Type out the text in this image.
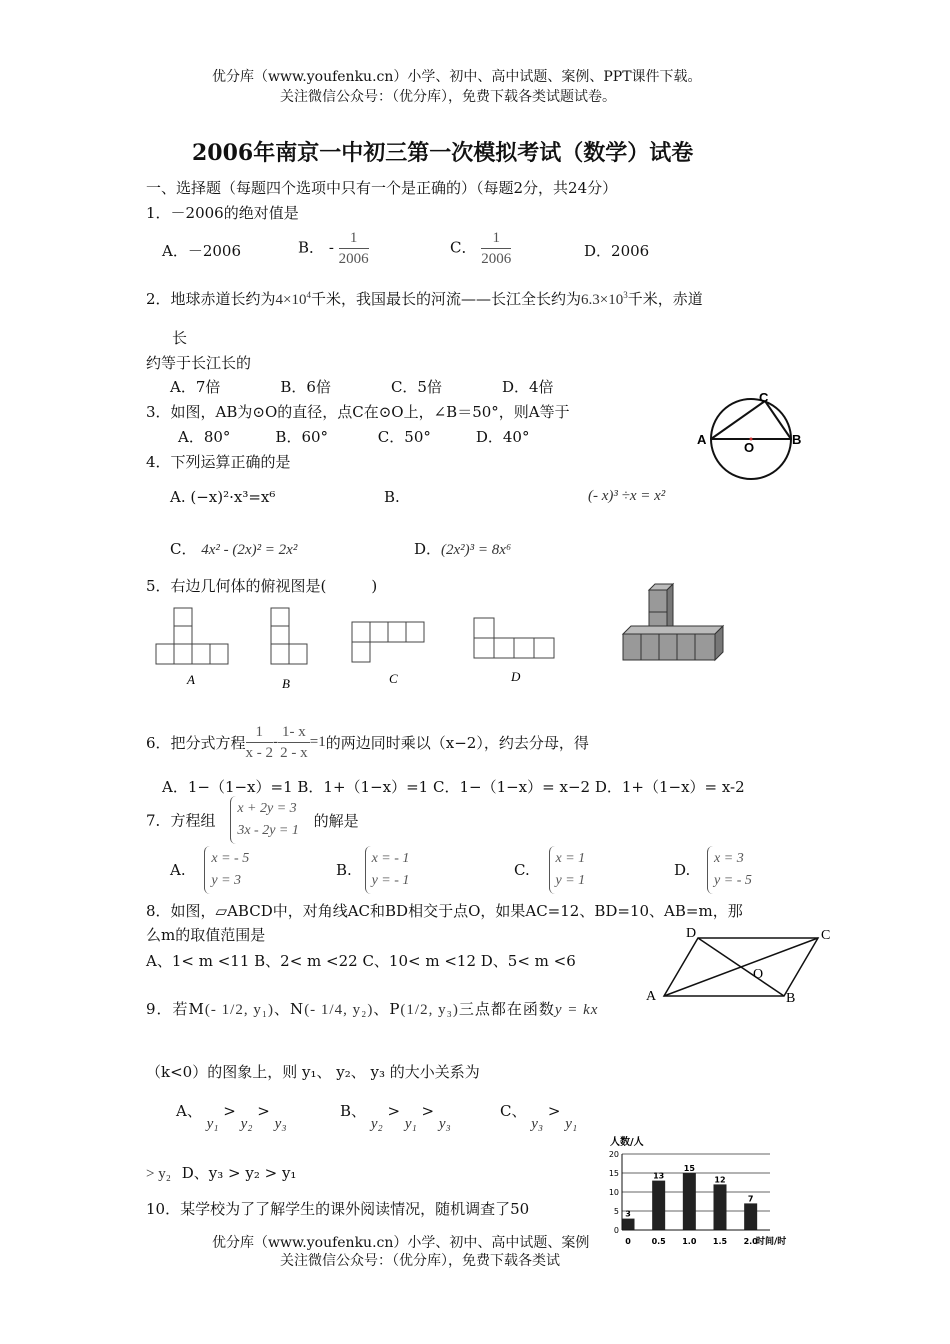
优分库（www.youfenku.cn）小学、初中、高中试题、案例、PPT课件下载。
关注微信公众号：（优分库），免费下载各类试题试卷。
2006年南京一中初三第一次模拟考试（数学）试卷
一、选择题（每题四个选项中只有一个是正确的）（每题2分，共24分）
1．－2006的绝对值是
A．－2006	B． - $\frac{1}{2006}$	C． $\frac{1}{2006}$	D．2006
2．地球赤道长约为$4\times 10^4$千米，我国最长的河流——长江全长约为$6.3\times 10^3$千米，赤道
长
约等于长江长的
A．7倍　　　　B．6倍　　　　C．5倍　　　　D．4倍
3．如图，AB为⊙O的直径，点C在⊙O上，∠B＝50°，则A等于
A．80°　　　B．60°　　　 C．50°　　　D．40°	A	B
C
O
4．下列运算正确的是
A. (−x)²·x³=x⁶	B.	(- x)³ ÷x = x²
C． 4x² - (2x)² = 2x²	D．(2x²)³ = 8x⁶
5．右边几何体的俯视图是(　　　)
A	B	C	D
6．把分式方程 $\frac{1}{x - 2} - \frac{1- x}{2 - x} =1$的两边同时乘以（x−2），约去分母，得
A．1−（1−x）=1 B．1+（1−x）=1 C．1−（1−x）= x−2 D．1+（1−x）= x-2
7．方程组
x + 2y = 3
3x - 2y = 1
的解是
A.
x = - 5
y = 3
B.
x = - 1
y = - 1
C.
x = 1
y = 1
D.
x = 3
y = - 5
8．如图，▱ABCD中，对角线AC和BD相交于点O，如果AC=12、BD=10、AB=m，那
么m的取值范围是
A、1< m <11 B、2< m <22 C、10< m <12 D、5< m <6
A	B
C
D
O
9．若M(- 1/2, y₁)、N(- 1/4, y₂)、P(1/2, y₃)三点都在函数y = kx
（k<0）的图象上，则 y₁、 y₂、 y₃ 的大小关系为
A、 y₁ > y₂ > y₃
B、 y₂ > y₁ > y₃
C、 y₃ > y₁
> y₂ D、y₃ > y₂ > y₁
10．某学校为了了解学生的课外阅读情况，随机调查了50
人数/人
时间/时
3
13
15
12
7
0
5
10
15
20
0	0.5 1.0 1.5 2.0
优分库（www.youfenku.cn）小学、初中、高中试题、案例
关注微信公众号：（优分库），免费下载各类试
